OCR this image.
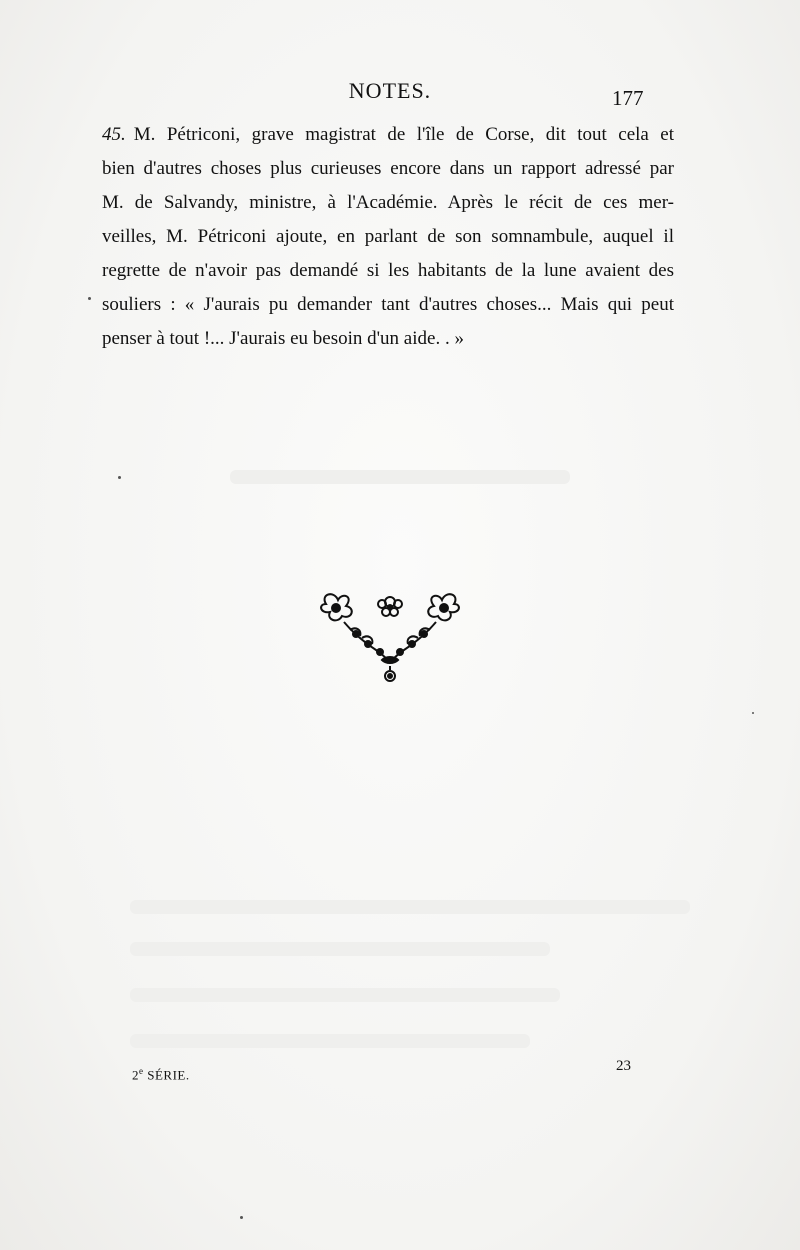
NOTES.	177
45. M. Pétriconi, grave magistrat de l'île de Corse, dit tout cela et
bien d'autres choses plus curieuses encore dans un rapport adressé par
M. de Salvandy, ministre, à l'Académie. Après le récit de ces mer-
veilles, M. Pétriconi ajoute, en parlant de son somnambule, auquel il
regrette de n'avoir pas demandé si les habitants de la lune avaient des
souliers : « J'aurais pu demander tant d'autres choses... Mais qui peut
penser à tout !... J'aurais eu besoin d'un aide. . »
2e SÉRIE.
23
